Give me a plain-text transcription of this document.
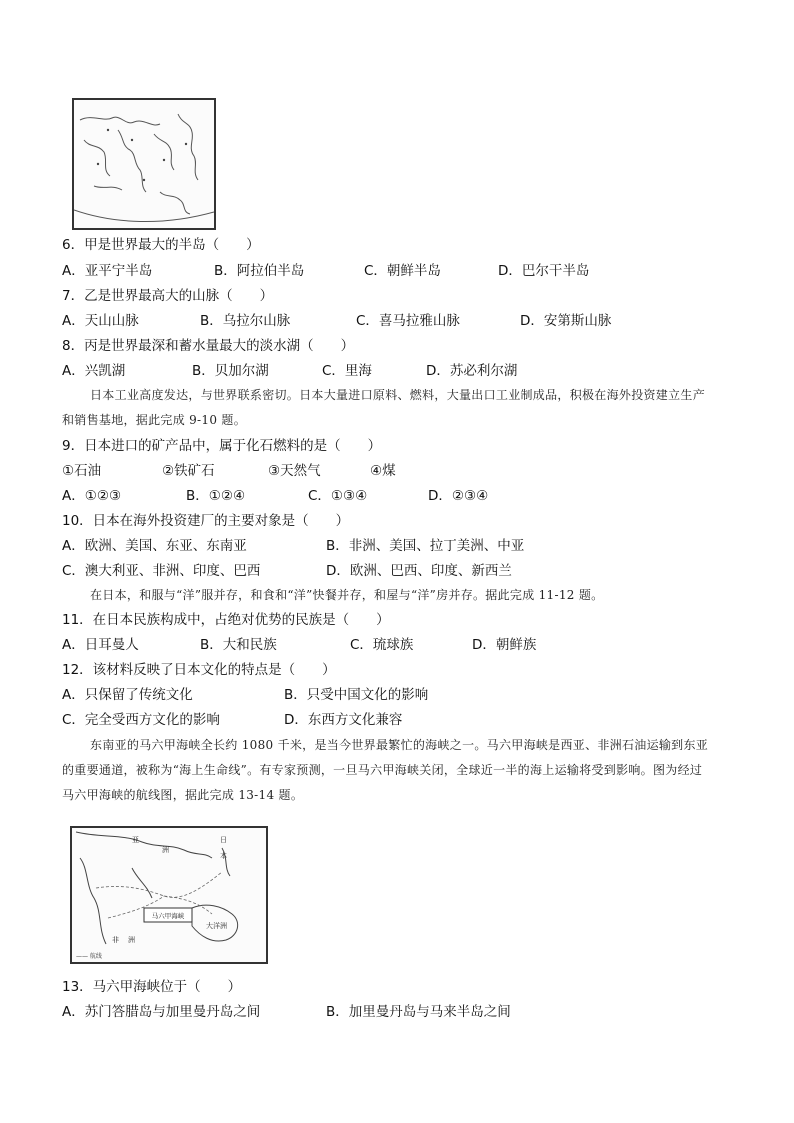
6．甲是世界最大的半岛（　　）
A．亚平宁半岛	B．阿拉伯半岛	C．朝鲜半岛	D．巴尔干半岛
7．乙是世界最高大的山脉（　　）
A．天山山脉	B．乌拉尔山脉	C．喜马拉雅山脉	D．安第斯山脉
8．丙是世界最深和蓄水量最大的淡水湖（　　）
A．兴凯湖	B．贝加尔湖	C．里海	D．苏必利尔湖
日本工业高度发达，与世界联系密切。日本大量进口原料、燃料，大量出口工业制成品，积极在海外投资建立生产和销售基地，据此完成 9-10 题。
9．日本进口的矿产品中，属于化石燃料的是（　　）
①石油	②铁矿石	③天然气	④煤
A．①②③	B．①②④	C．①③④	D．②③④
10．日本在海外投资建厂的主要对象是（　　）
A．欧洲、美国、东亚、东南亚	B．非洲、美国、拉丁美洲、中亚
C．澳大利亚、非洲、印度、巴西	D．欧洲、巴西、印度、新西兰
在日本，和服与“洋”服并存，和食和“洋”快餐并存，和屋与“洋”房并存。据此完成 11-12 题。
11．在日本民族构成中，占绝对优势的民族是（　　）
A．日耳曼人	B．大和民族	C．琉球族	D．朝鲜族
12．该材料反映了日本文化的特点是（　　）
A．只保留了传统文化	B．只受中国文化的影响
C．完全受西方文化的影响	D．东西方文化兼容
东南亚的马六甲海峡全长约 1080 千米，是当今世界最繁忙的海峡之一。马六甲海峡是西亚、非洲石油运输到东亚的重要通道，被称为“海上生命线”。有专家预测，一旦马六甲海峡关闭，全球近一半的海上运输将受到影响。图为经过马六甲海峡的航线图，据此完成 13-14 题。
马六甲海峡
亚
洲
日
本
大洋洲
非 洲
—— 航线
13．马六甲海峡位于（　　）
A．苏门答腊岛与加里曼丹岛之间	B．加里曼丹岛与马来半岛之间
